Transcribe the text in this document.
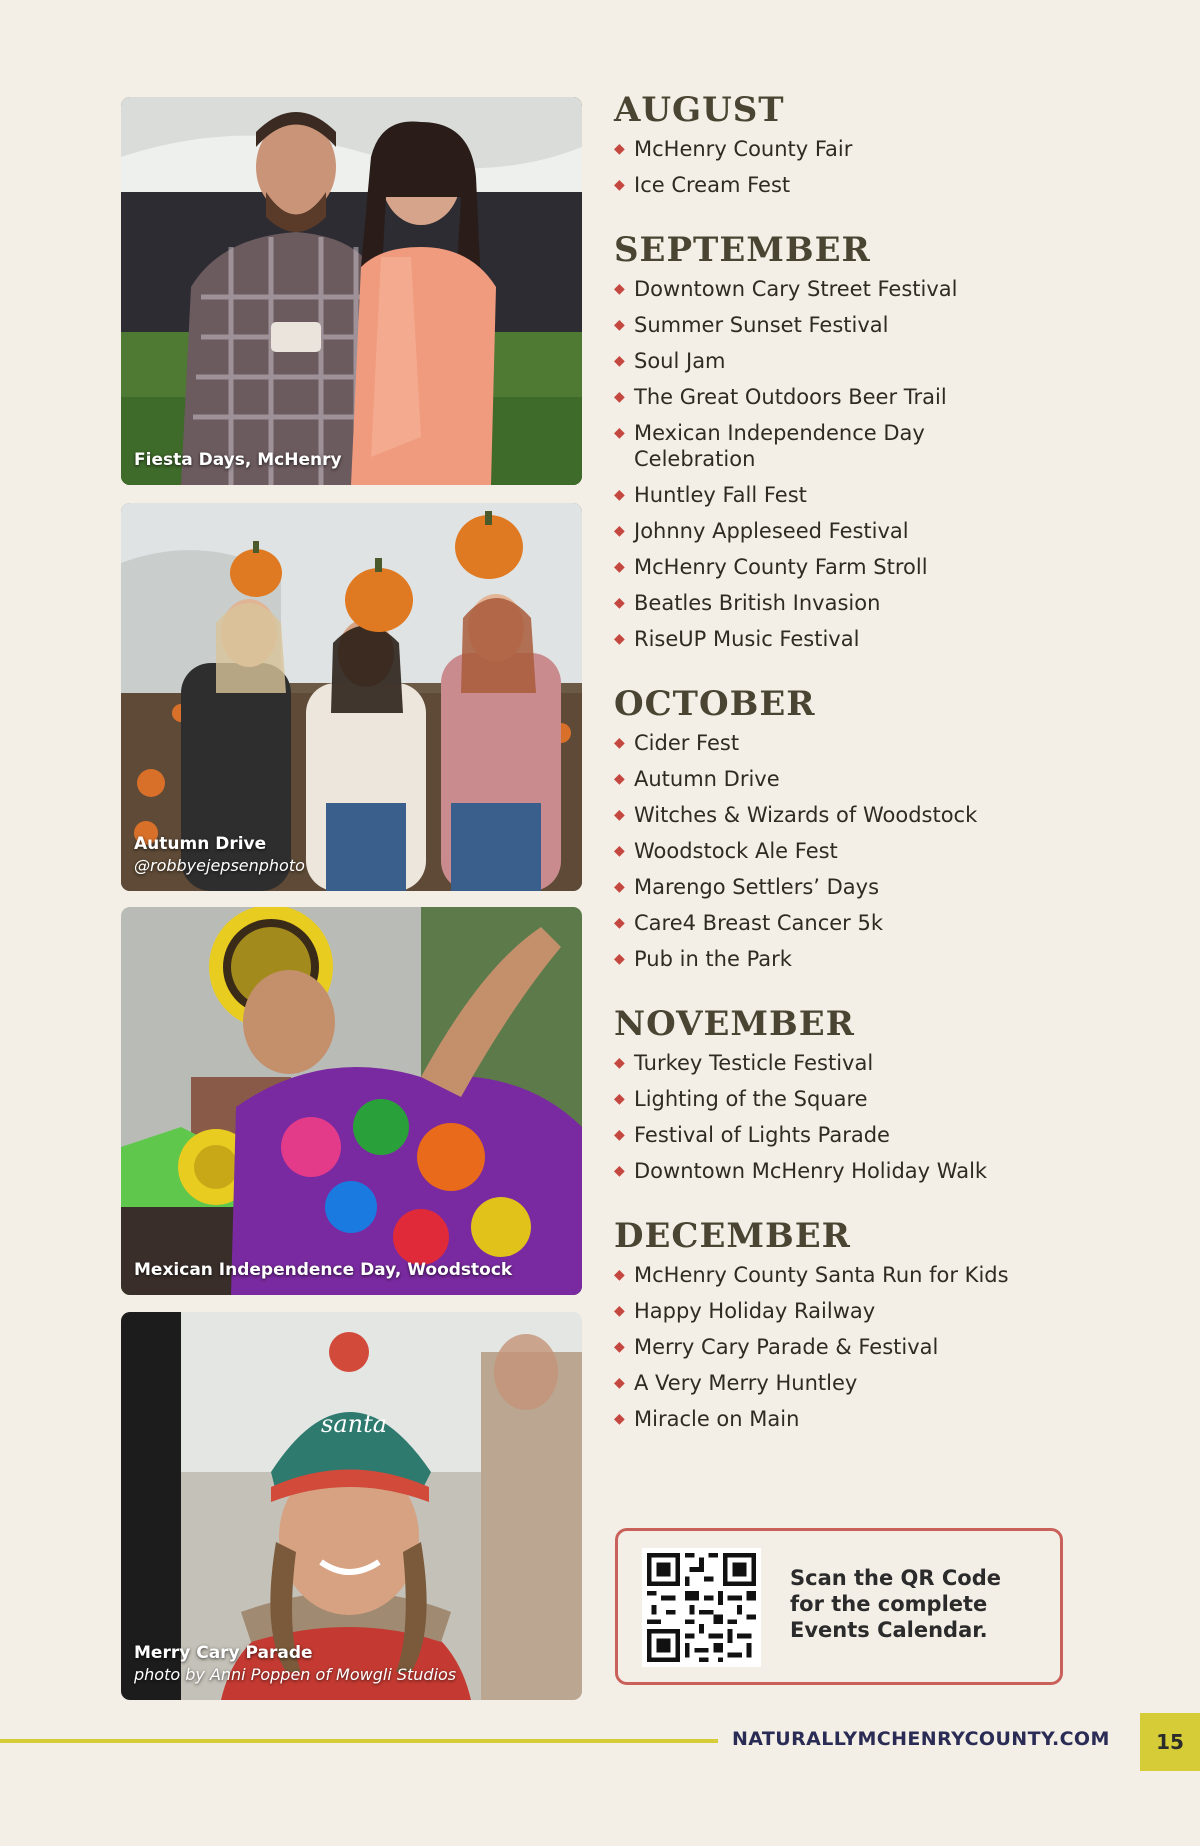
Fiesta Days, McHenry
Autumn Drive
@robbyejepsenphoto
Mexican Independence Day, Woodstock
santa
Merry Cary Parade
photo by Anni Poppen of Mowgli Studios
AUGUST
◆ McHenry County Fair
◆ Ice Cream Fest
SEPTEMBER
◆ Downtown Cary Street Festival
◆ Summer Sunset Festival
◆ Soul Jam
◆ The Great Outdoors Beer Trail
◆ Mexican Independence Day Celebration
◆ Huntley Fall Fest
◆ Johnny Appleseed Festival
◆ McHenry County Farm Stroll
◆ Beatles British Invasion
◆ RiseUP Music Festival
OCTOBER
◆ Cider Fest
◆ Autumn Drive
◆ Witches & Wizards of Woodstock
◆ Woodstock Ale Fest
◆ Marengo Settlers’ Days
◆ Care4 Breast Cancer 5k
◆ Pub in the Park
NOVEMBER
◆ Turkey Testicle Festival
◆ Lighting of the Square
◆ Festival of Lights Parade
◆ Downtown McHenry Holiday Walk
DECEMBER
◆ McHenry County Santa Run for Kids
◆ Happy Holiday Railway
◆ Merry Cary Parade & Festival
◆ A Very Merry Huntley
◆ Miracle on Main
Scan the QR Code for the complete Events Calendar.
NATURALLYMCHENRYCOUNTY.COM	15
